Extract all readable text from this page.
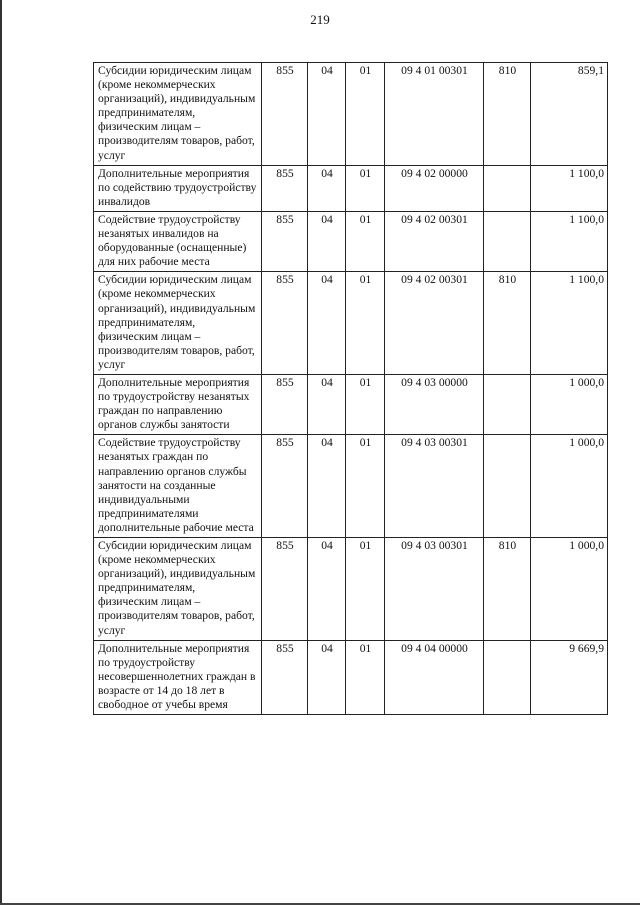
219
Субсидии юридическим лицам (кроме некоммерческих организаций), индивидуальным предпринимателям, физическим лицам – производителям товаров, работ, услуг	855	04	01	09 4 01 00301	810	859,1
Дополнительные мероприятия по содействию трудоустройству инвалидов	855	04	01	09 4 02 00000		1 100,0
Содействие трудоустройству незанятых инвалидов на оборудованные (оснащенные) для них рабочие места	855	04	01	09 4 02 00301		1 100,0
Субсидии юридическим лицам (кроме некоммерческих организаций), индивидуальным предпринимателям, физическим лицам – производителям товаров, работ, услуг	855	04	01	09 4 02 00301	810	1 100,0
Дополнительные мероприятия по трудоустройству незанятых граждан по направлению органов службы занятости	855	04	01	09 4 03 00000		1 000,0
Содействие трудоустройству незанятых граждан по направлению органов службы занятости на созданные индивидуальными предпринимателями дополнительные рабочие места	855	04	01	09 4 03 00301		1 000,0
Субсидии юридическим лицам (кроме некоммерческих организаций), индивидуальным предпринимателям, физическим лицам – производителям товаров, работ, услуг	855	04	01	09 4 03 00301	810	1 000,0
Дополнительные мероприятия по трудоустройству несовершеннолетних граждан в возрасте от 14 до 18 лет в свободное от учебы время	855	04	01	09 4 04 00000		9 669,9
